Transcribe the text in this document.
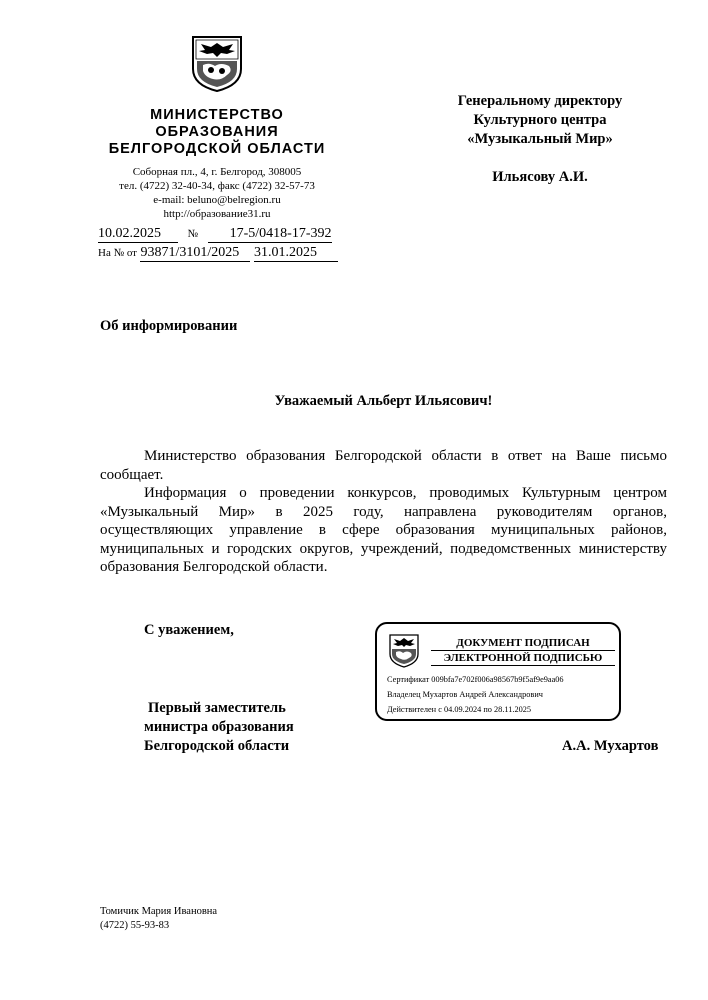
МИНИСТЕРСТВО
ОБРАЗОВАНИЯ
БЕЛГОРОДСКОЙ ОБЛАСТИ
Соборная пл., 4, г. Белгород, 308005
тел. (4722) 32-40-34, факс (4722) 32-57-73
e-mail: beluno@belregion.ru
http://образование31.ru
10.02.2025 № 17-5/0418-17-392
На № от 93871/3101/2025 31.01.2025
Генеральному директору
Культурного центра
«Музыкальный Мир»
Ильясову А.И.
Об информировании
Уважаемый Альберт Ильясович!

Министерство образования Белгородской области в ответ на Ваше письмо сообщает.

Информация о проведении конкурсов, проводимых Культурным центром «Музыкальный Мир» в 2025 году, направлена руководителям органов, осуществляющих управление в сфере образования муниципальных районов, муниципальных и городских округов, учреждений, подведомственных министерству образования Белгородской области.

С уважением,
Первый заместитель
министра образования
Белгородской области	А.А. Мухартов
ДОКУМЕНТ ПОДПИСАН
ЭЛЕКТРОННОЙ ПОДПИСЬЮ
Сертификат 009bfa7e702f006a98567b9f5af9e9aa06
Владелец Мухартов Андрей Александрович
Действителен с 04.09.2024 по 28.11.2025
Томичик Мария Ивановна
(4722) 55-93-83
